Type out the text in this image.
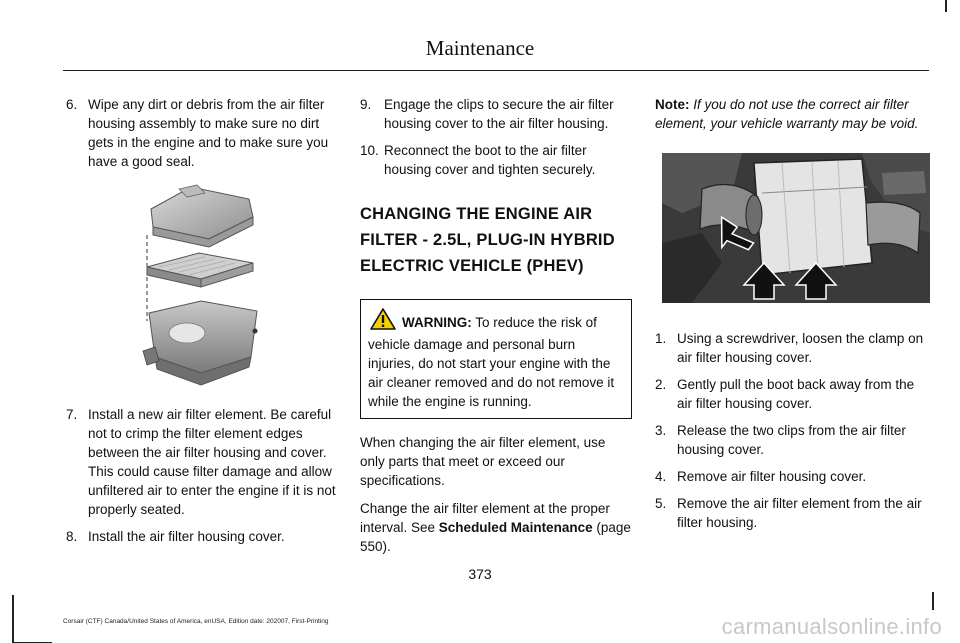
Maintenance
6. Wipe any dirt or debris from the air filter housing assembly to make sure no dirt gets in the engine and to make sure you have a good seal.
7. Install a new air filter element. Be careful not to crimp the filter element edges between the air filter housing and cover. This could cause filter damage and allow unfiltered air to enter the engine if it is not properly seated.
8. Install the air filter housing cover.
9. Engage the clips to secure the air filter housing cover to the air filter housing.
10. Reconnect the boot to the air filter housing cover and tighten securely.
CHANGING THE ENGINE AIR FILTER - 2.5L, PLUG-IN HYBRID ELECTRIC VEHICLE (PHEV)
WARNING: To reduce the risk of vehicle damage and personal burn injuries, do not start your engine with the air cleaner removed and do not remove it while the engine is running.
When changing the air filter element, use only parts that meet or exceed our specifications.
Change the air filter element at the proper interval. See Scheduled Maintenance (page 550).
Note: If you do not use the correct air filter element, your vehicle warranty may be void.
1. Using a screwdriver, loosen the clamp on air filter housing cover.
2. Gently pull the boot back away from the air filter housing cover.
3. Release the two clips from the air filter housing cover.
4. Remove air filter housing cover.
5. Remove the air filter element from the air filter housing.
373
Corsair (CTF) Canada/United States of America, enUSA, Edition date: 202007, First-Printing	carmanualsonline.info
